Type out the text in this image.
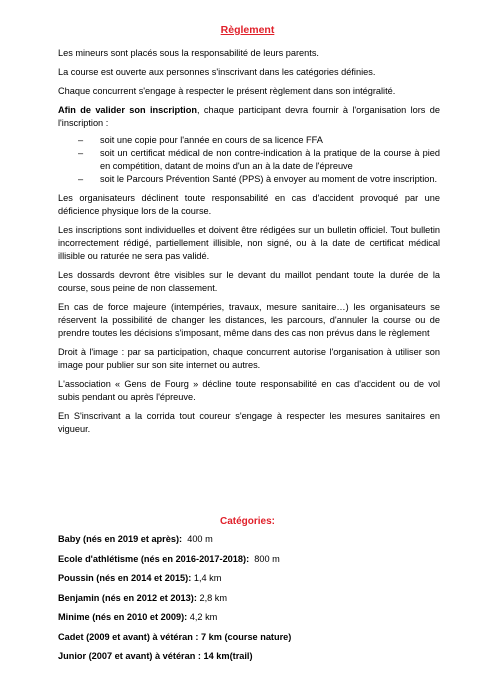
Règlement

Les mineurs sont placés sous la responsabilité de leurs parents.

La course est ouverte aux personnes s'inscrivant dans les catégories définies.

Chaque concurrent s'engage à respecter le présent règlement dans son intégralité.

Afin de valider son inscription, chaque participant devra fournir à l'organisation lors de l'inscription :

– soit une copie pour l'année en cours de sa licence FFA
– soit un certificat médical de non contre-indication à la pratique de la course à pied en compétition, datant de moins d'un an à la date de l'épreuve
– soit le Parcours Prévention Santé (PPS) à envoyer au moment de votre inscription.

Les organisateurs déclinent toute responsabilité en cas d'accident provoqué par une déficience physique lors de la course.

Les inscriptions sont individuelles et doivent être rédigées sur un bulletin officiel. Tout bulletin incorrectement rédigé, partiellement illisible, non signé, ou à la date de certificat médical illisible ou raturée ne sera pas validé.

Les dossards devront être visibles sur le devant du maillot pendant toute la durée de la course, sous peine de non classement.

En cas de force majeure (intempéries, travaux, mesure sanitaire…) les organisateurs se réservent la possibilité de changer les distances, les parcours, d'annuler la course ou de prendre toutes les décisions s'imposant, même dans des cas non prévus dans le règlement

Droit à l'image : par sa participation, chaque concurrent autorise l'organisation à utiliser son image pour publier sur son site internet ou autres.

L'association « Gens de Fourg » décline toute responsabilité en cas d'accident ou de vol subis pendant ou après l'épreuve.

En S'inscrivant a la corrida tout coureur s'engage à respecter les mesures sanitaires en vigueur.

Catégories:
Baby (nés en 2019 et après): 400 m
Ecole d'athlétisme (nés en 2016-2017-2018): 800 m
Poussin (nés en 2014 et 2015): 1,4 km
Benjamin (nés en 2012 et 2013): 2,8 km
Minime (nés en 2010 et 2009): 4,2 km
Cadet (2009 et avant) à vétéran : 7 km (course nature)
Junior (2007 et avant) à vétéran : 14 km(trail)
